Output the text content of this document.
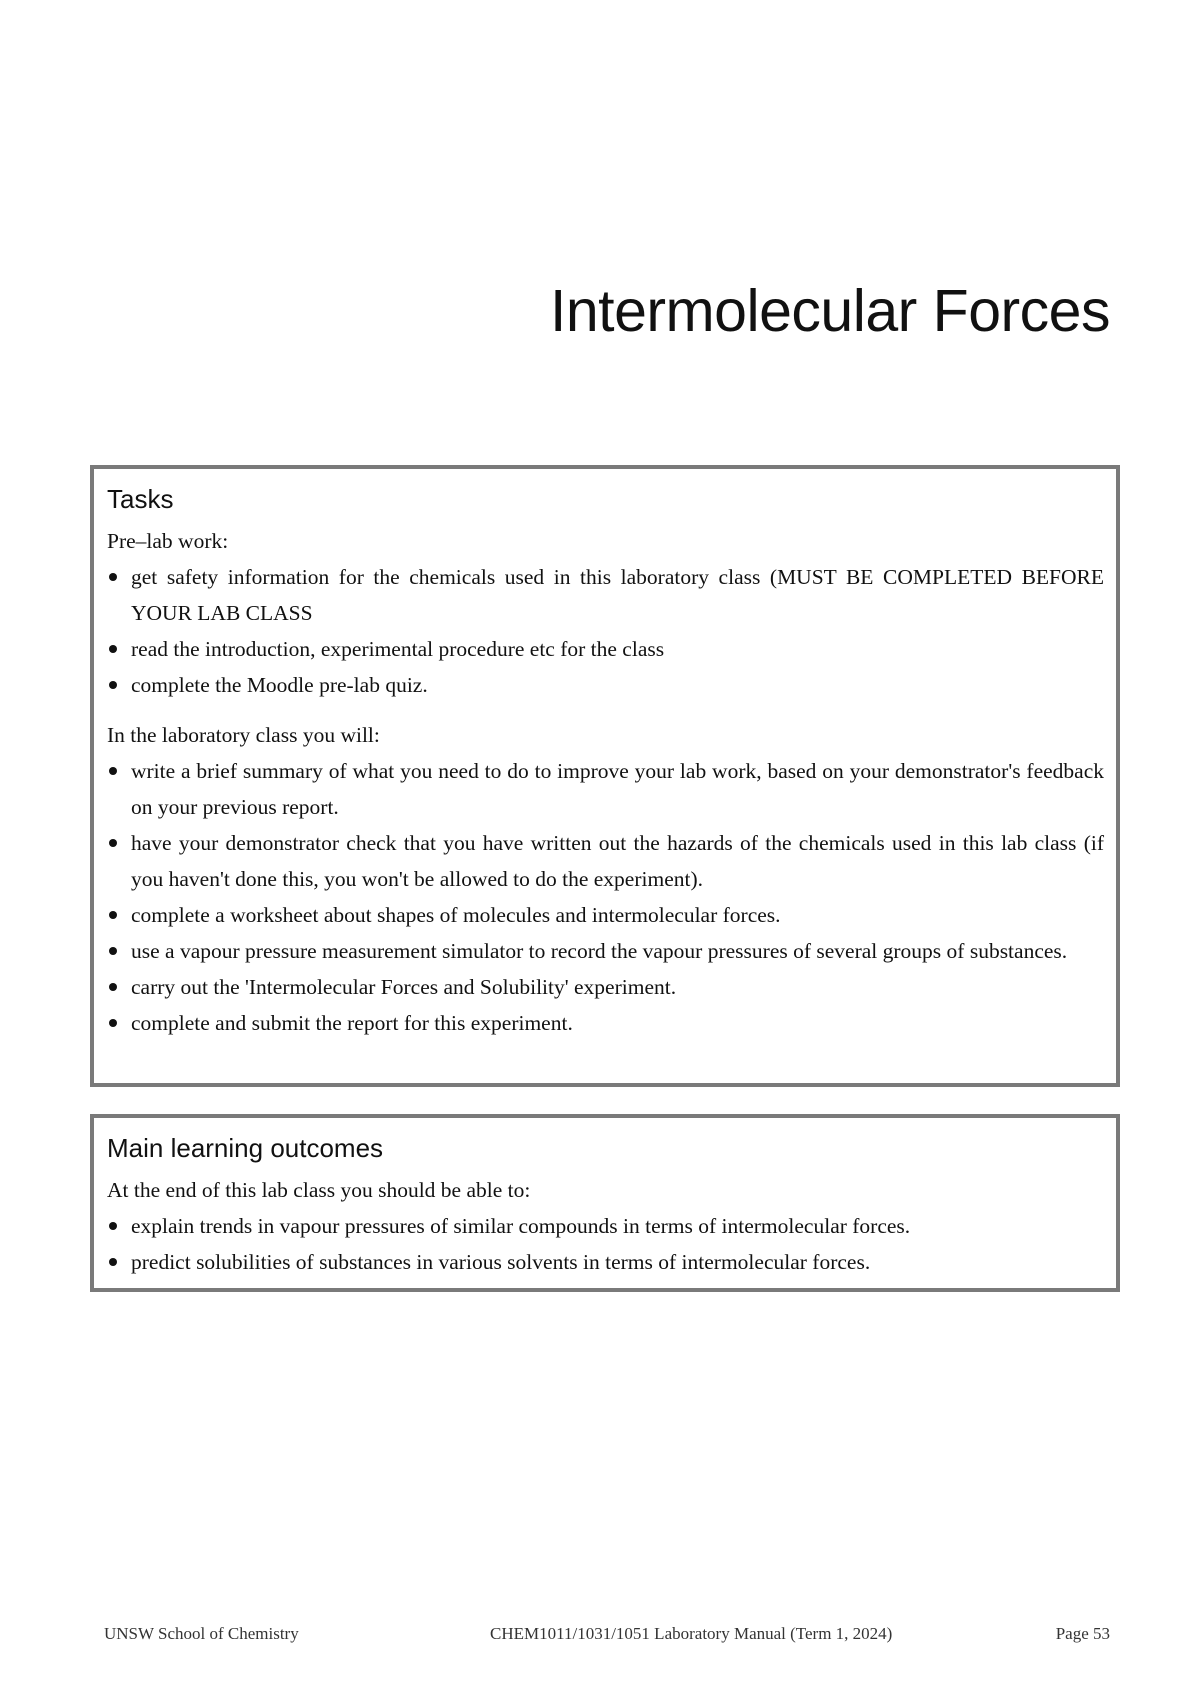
Intermolecular Forces
Tasks

Pre–lab work:

get safety information for the chemicals used in this laboratory class (MUST BE COMPLETED BEFORE YOUR LAB CLASS
read the introduction, experimental procedure etc for the class
complete the Moodle pre-lab quiz.

In the laboratory class you will:

write a brief summary of what you need to do to improve your lab work, based on your demonstrator's feedback on your previous report.
have your demonstrator check that you have written out the hazards of the chemicals used in this lab class (if you haven't done this, you won't be allowed to do the experiment).
complete a worksheet about shapes of molecules and intermolecular forces.
use a vapour pressure measurement simulator to record the vapour pressures of several groups of substances.
carry out the 'Intermolecular Forces and Solubility' experiment.
complete and submit the report for this experiment.
Main learning outcomes

At the end of this lab class you should be able to:

explain trends in vapour pressures of similar compounds in terms of intermolecular forces.
predict solubilities of substances in various solvents in terms of intermolecular forces.
UNSW School of Chemistry	CHEM1011/1031/1051 Laboratory Manual (Term 1, 2024)	Page 53
